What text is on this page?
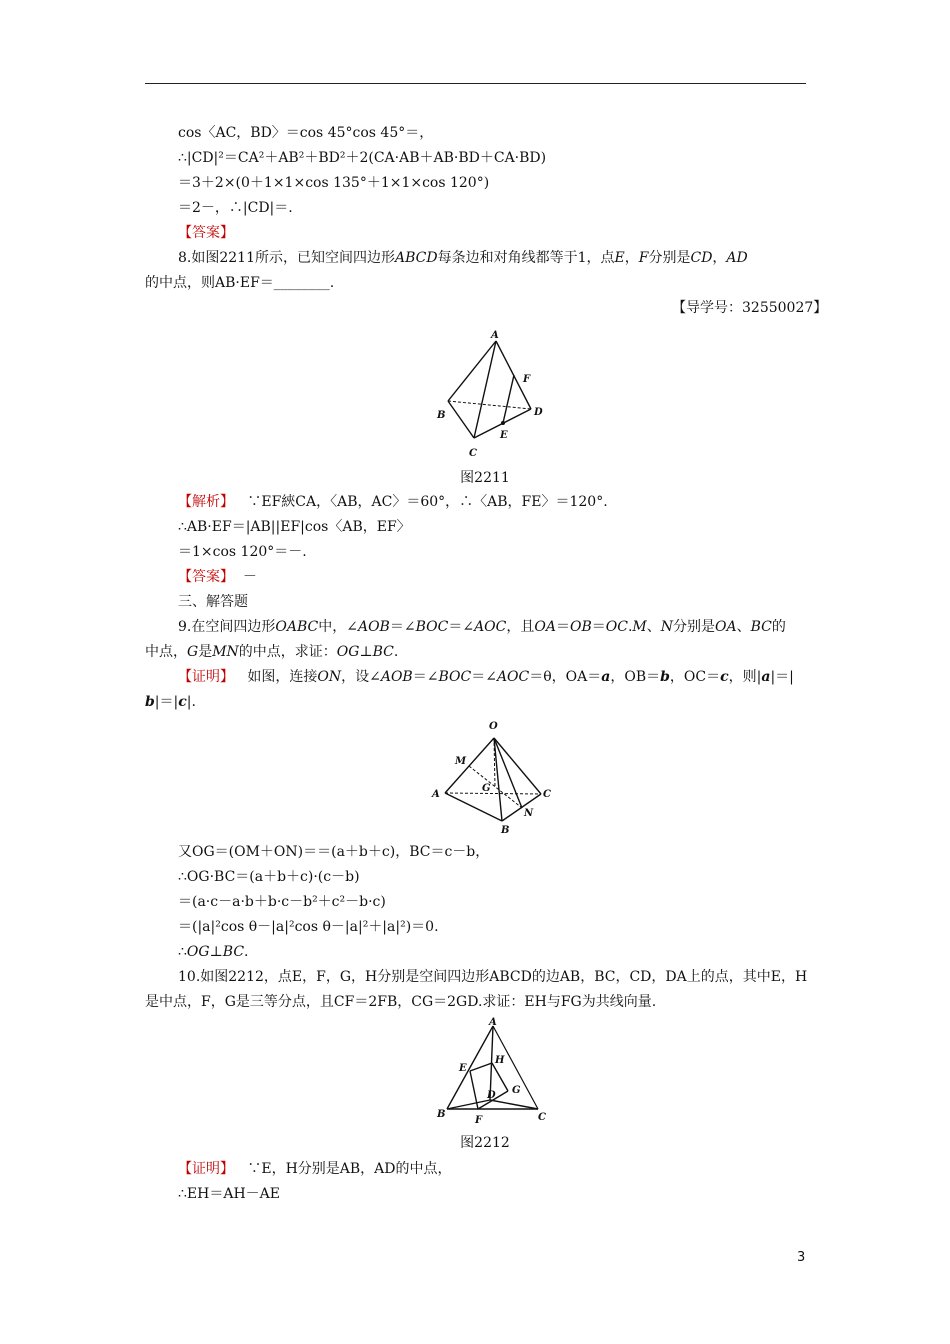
cos〈AC，BD〉＝cos 45°cos 45°＝，
∴|CD|²＝CA²＋AB²＋BD²＋2(CA·AB＋AB·BD＋CA·BD)
＝3＋2×(0＋1×1×cos 135°＋1×1×cos 120°)
＝2－，∴|CD|＝.
【答案】
8.如图2211所示，已知空间四边形ABCD每条边和对角线都等于1，点E，F分别是CD，AD
的中点，则AB·EF＝________.
【导学号：32550027】
A
F
B	D
E
C
图2211
【解析】 ∵EF綊CA，〈AB，AC〉＝60°，∴〈AB，FE〉＝120°.
∴AB·EF＝|AB||EF|cos〈AB，EF〉
＝1×cos 120°＝－.
【答案】 －
三、解答题
9.在空间四边形OABC中，∠AOB＝∠BOC＝∠AOC，且OA＝OB＝OC.M、N分别是OA、BC的
中点，G是MN的中点，求证：OG⊥BC.
【证明】 如图，连接ON，设∠AOB＝∠BOC＝∠AOC＝θ，OA＝a，OB＝b，OC＝c，则|a|＝|
b|＝|c|.
O
M
A
G
C
N
B
又OG＝(OM＋ON)＝＝(a＋b＋c)，BC＝c－b，
∴OG·BC＝(a＋b＋c)·(c－b)
＝(a·c－a·b＋b·c－b²＋c²－b·c)
＝(|a|²cos θ－|a|²cos θ－|a|²＋|a|²)＝0.
∴OG⊥BC.
10.如图2212，点E，F，G，H分别是空间四边形ABCD的边AB，BC，CD，DA上的点，其中E，H
是中点，F，G是三等分点，且CF＝2FB，CG＝2GD.求证：EH与FG为共线向量.
A
H
E
G
D
B
F	C
图2212
【证明】 ∵E，H分别是AB，AD的中点，
∴EH＝AH－AE
3
